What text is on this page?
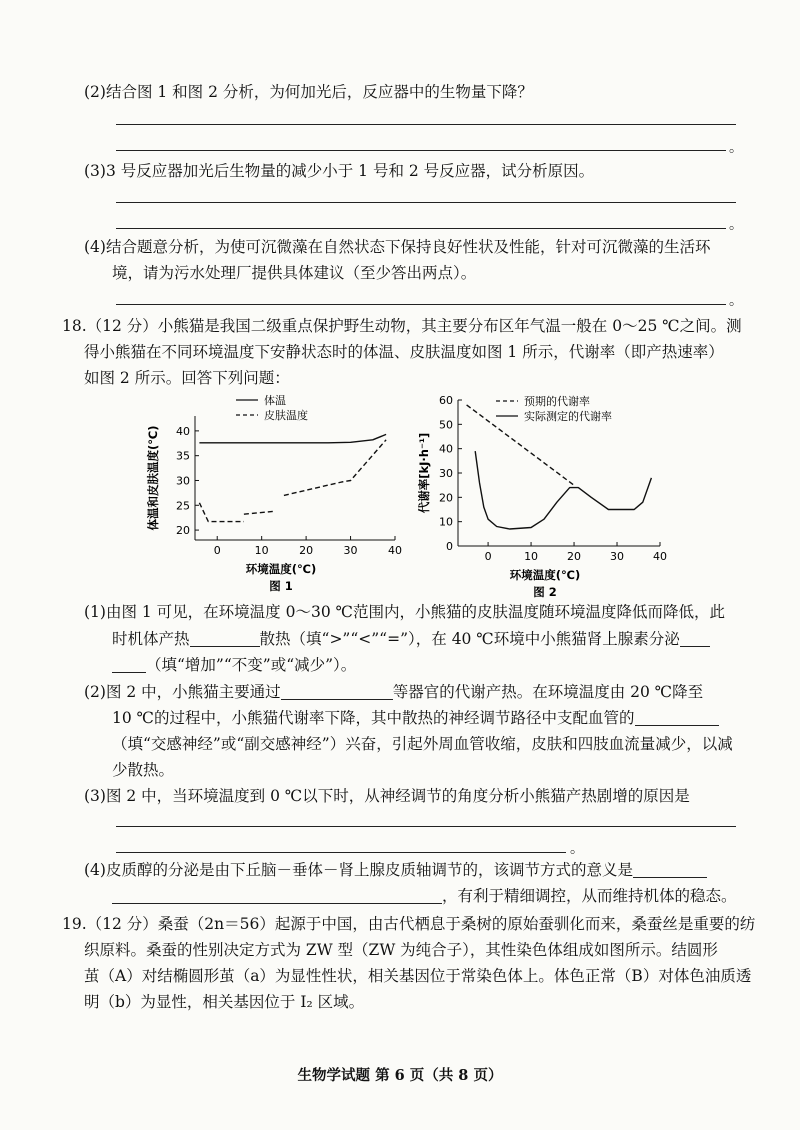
(2)结合图 1 和图 2 分析，为何加光后，反应器中的生物量下降？
。
(3)3 号反应器加光后生物量的减少小于 1 号和 2 号反应器，试分析原因。
。
(4)结合题意分析，为使可沉微藻在自然状态下保持良好性状及性能，针对可沉微藻的生活环
境，请为污水处理厂提供具体建议（至少答出两点）。
。
18.（12 分）小熊猫是我国二级重点保护野生动物，其主要分布区年气温一般在 0～25 ℃之间。测
得小熊猫在不同环境温度下安静状态时的体温、皮肤温度如图 1 所示，代谢率（即产热速率）
如图 2 所示。回答下列问题：
0	10	20	30	40
20
25
30
35
40
环境温度(℃)
体温和皮肤温度(℃)
图 1
体温
皮肤温度
0	10	20	30	40
0
10
20
30
40
50
60
环境温度(℃)
代谢率[kJ·h⁻¹]
图 2
预期的代谢率
实际测定的代谢率
(1)由图 1 可见，在环境温度 0～30 ℃范围内，小熊猫的皮肤温度随环境温度降低而降低，此
时机体产热	散热（填“>”“<”“=”），在 40 ℃环境中小熊猫肾上腺素分泌
（填“增加”“不变”或“减少”）。
(2)图 2 中，小熊猫主要通过	等器官的代谢产热。在环境温度由 20 ℃降至
10 ℃的过程中，小熊猫代谢率下降，其中散热的神经调节路径中支配血管的
（填“交感神经”或“副交感神经”）兴奋，引起外周血管收缩，皮肤和四肢血流量减少，以减
少散热。
(3)图 2 中，当环境温度到 0 ℃以下时，从神经调节的角度分析小熊猫产热剧增的原因是
。
(4)皮质醇的分泌是由下丘脑－垂体－肾上腺皮质轴调节的，该调节方式的意义是
，有利于精细调控，从而维持机体的稳态。
19.（12 分）桑蚕（2n＝56）起源于中国，由古代栖息于桑树的原始蚕驯化而来，桑蚕丝是重要的纺
织原料。桑蚕的性别决定方式为 ZW 型（ZW 为纯合子），其性染色体组成如图所示。结圆形
茧（A）对结椭圆形茧（a）为显性性状，相关基因位于常染色体上。体色正常（B）对体色油质透
明（b）为显性，相关基因位于 Ⅰ₂ 区域。
生物学试题 第 6 页（共 8 页）
